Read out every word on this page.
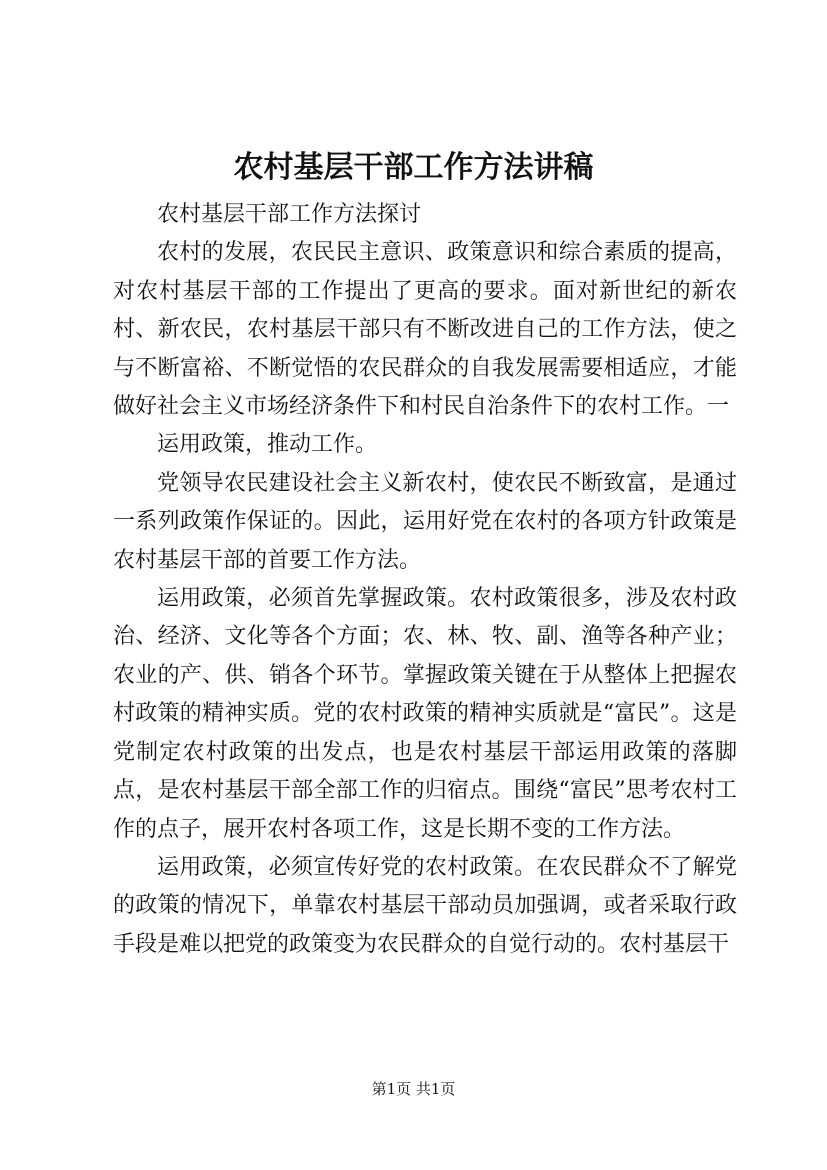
农村基层干部工作方法讲稿

农村基层干部工作方法探讨

农村的发展，农民民主意识、政策意识和综合素质的提高，对农村基层干部的工作提出了更高的要求。面对新世纪的新农村、新农民，农村基层干部只有不断改进自己的工作方法，使之与不断富裕、不断觉悟的农民群众的自我发展需要相适应，才能做好社会主义市场经济条件下和村民自治条件下的农村工作。一

运用政策，推动工作。

党领导农民建设社会主义新农村，使农民不断致富，是通过一系列政策作保证的。因此，运用好党在农村的各项方针政策是农村基层干部的首要工作方法。

运用政策，必须首先掌握政策。农村政策很多，涉及农村政治、经济、文化等各个方面；农、林、牧、副、渔等各种产业；农业的产、供、销各个环节。掌握政策关键在于从整体上把握农村政策的精神实质。党的农村政策的精神实质就是“富民”。这是党制定农村政策的出发点，也是农村基层干部运用政策的落脚点，是农村基层干部全部工作的归宿点。围绕“富民”思考农村工作的点子，展开农村各项工作，这是长期不变的工作方法。

运用政策，必须宣传好党的农村政策。在农民群众不了解党的政策的情况下，单靠农村基层干部动员加强调，或者采取行政手段是难以把党的政策变为农民群众的自觉行动的。农村基层干

第1页 共1页
